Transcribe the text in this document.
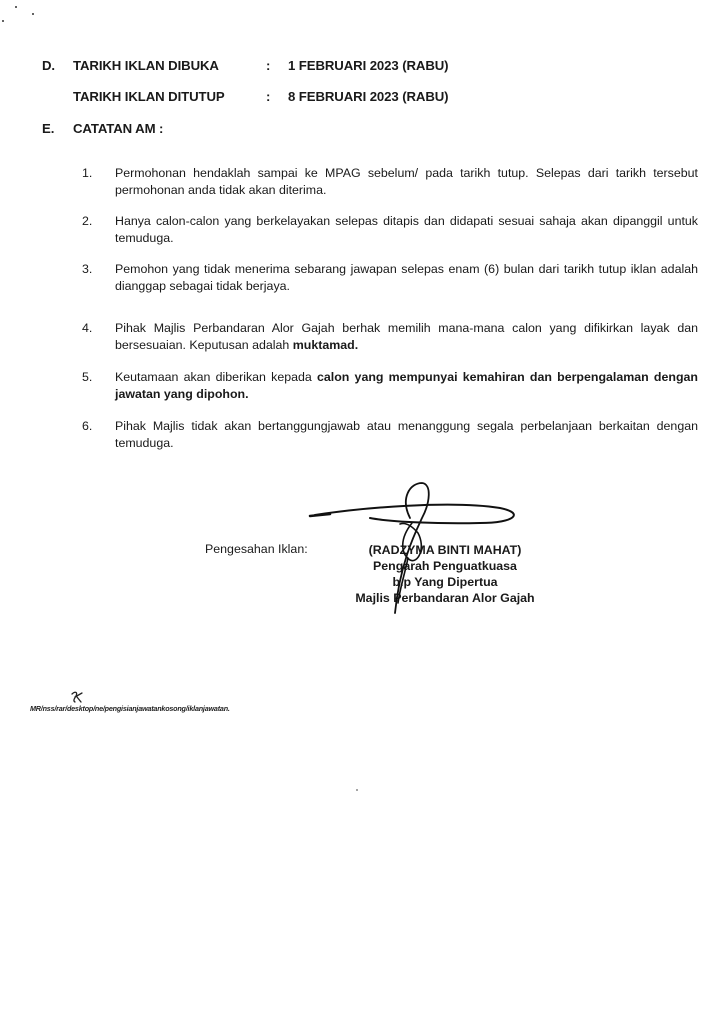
D. TARIKH IKLAN DIBUKA	: 1 FEBRUARI 2023 (RABU)
TARIKH IKLAN DITUTUP	: 8 FEBRUARI 2023 (RABU)
E. CATATAN AM :
1.	Permohonan hendaklah sampai ke MPAG sebelum/ pada tarikh tutup. Selepas dari tarikh tersebut permohonan anda tidak akan diterima.
2.	Hanya calon-calon yang berkelayakan selepas ditapis dan didapati sesuai sahaja akan dipanggil untuk temuduga.
3.	Pemohon yang tidak menerima sebarang jawapan selepas enam (6) bulan dari tarikh tutup iklan adalah dianggap sebagai tidak berjaya.
4.	Pihak Majlis Perbandaran Alor Gajah berhak memilih mana-mana calon yang difikirkan layak dan bersesuaian. Keputusan adalah muktamad.
5.	Keutamaan akan diberikan kepada calon yang mempunyai kemahiran dan berpengalaman dengan jawatan yang dipohon.
6.	Pihak Majlis tidak akan bertanggungjawab atau menanggung segala perbelanjaan berkaitan dengan temuduga.
Pengesahan Iklan:	(RADZYMA BINTI MAHAT)
Pengarah Penguatkuasa
b.p Yang Dipertua
Majlis Perbandaran Alor Gajah
MR/nss/rar/desktop/ne/pengisianjawatankosong/iklanjawatan.
